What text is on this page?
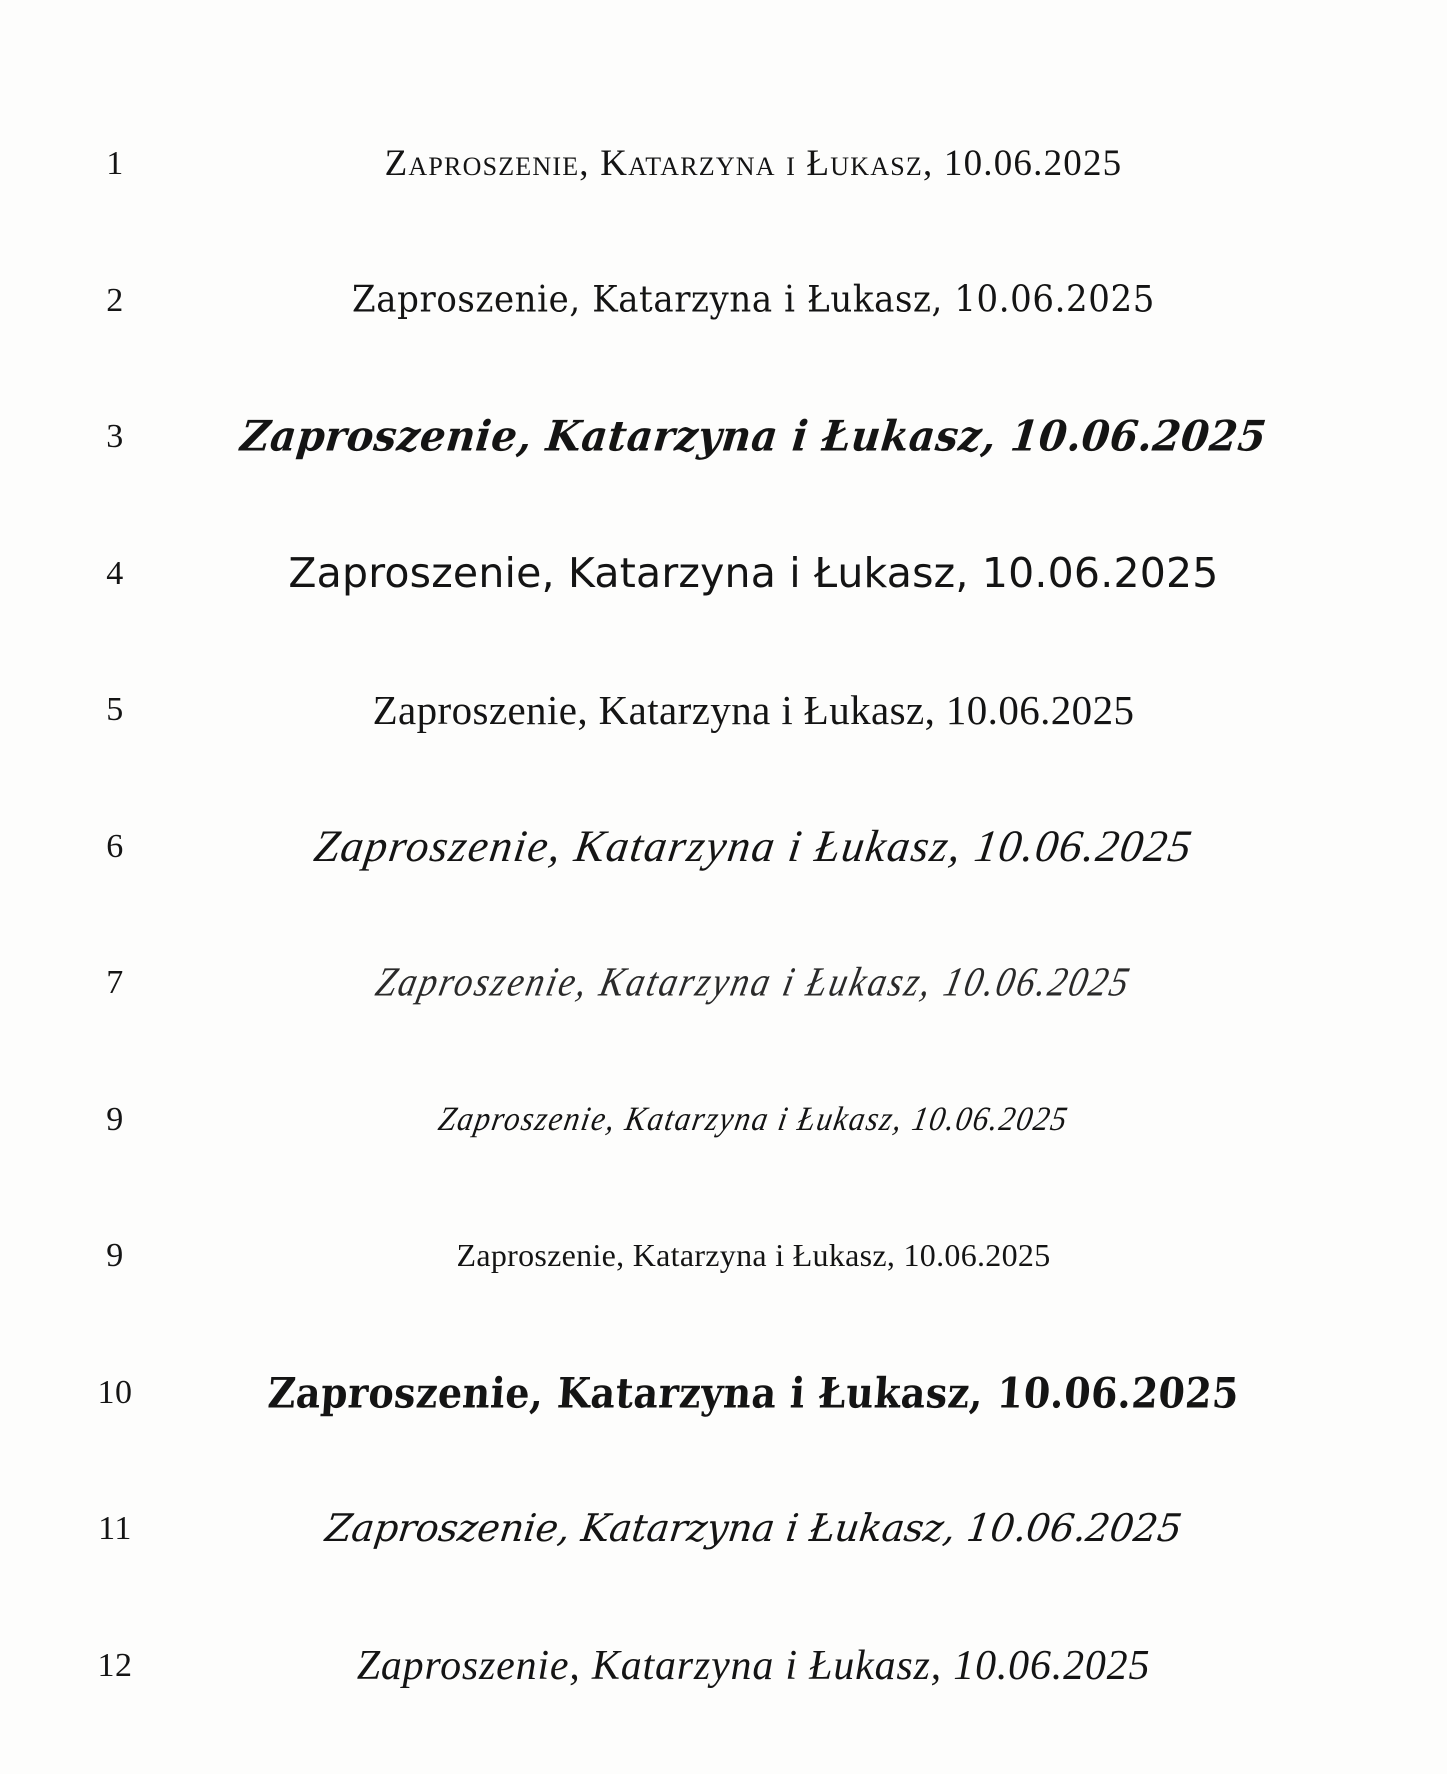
1	Zaproszenie, Katarzyna i Łukasz, 10.06.2025
2	Zaproszenie, Katarzyna i Łukasz, 10.06.2025
3	Zaproszenie, Katarzyna i Łukasz, 10.06.2025
4	Zaproszenie, Katarzyna i Łukasz, 10.06.2025
5	Zaproszenie, Katarzyna i Łukasz, 10.06.2025
6	Zaproszenie, Katarzyna i Łukasz, 10.06.2025
7	Zaproszenie, Katarzyna i Łukasz, 10.06.2025
9	Zaproszenie, Katarzyna i Łukasz, 10.06.2025
9	Zaproszenie, Katarzyna i Łukasz, 10.06.2025
10	Zaproszenie, Katarzyna i Łukasz, 10.06.2025
11	Zaproszenie, Katarzyna i Łukasz, 10.06.2025
12	Zaproszenie, Katarzyna i Łukasz, 10.06.2025
